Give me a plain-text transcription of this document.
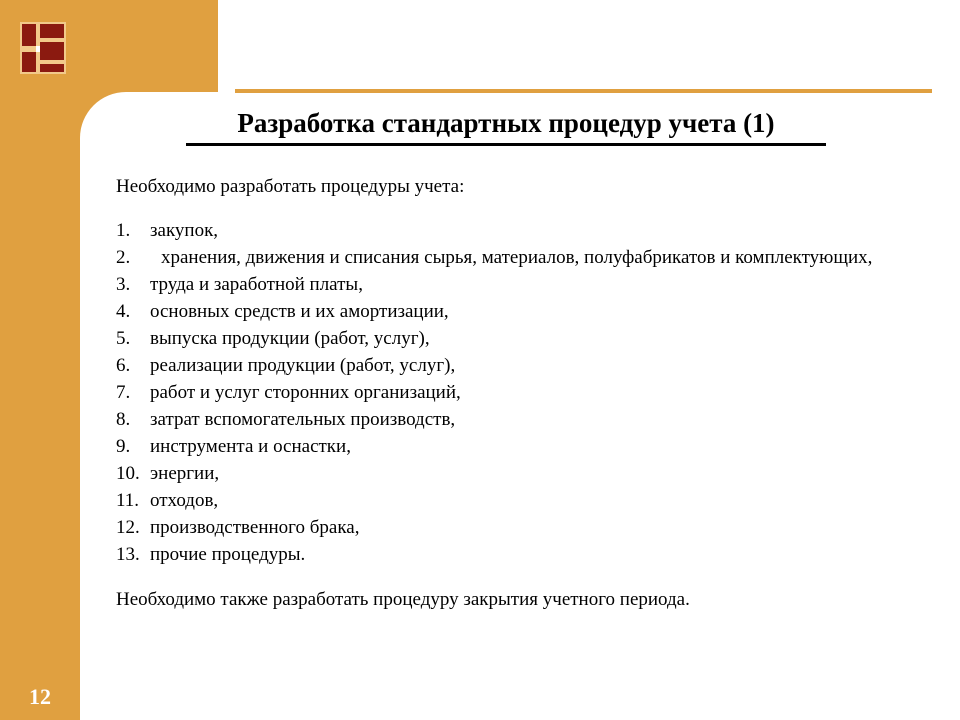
12
Разработка стандартных процедур учета (1)

Необходимо разработать процедуры учета:

1.	закупок,
2.	хранения, движения и списания сырья, материалов, полуфабрикатов и комплектующих,
3.	труда и заработной платы,
4.	основных средств и их амортизации,
5.	выпуска продукции (работ, услуг),
6.	реализации продукции (работ, услуг),
7.	работ и услуг сторонних организаций,
8.	затрат вспомогательных производств,
9.	инструмента и оснастки,
10. энергии,
11. отходов,
12. производственного брака,
13. прочие процедуры.

Необходимо также разработать процедуру закрытия учетного периода.
